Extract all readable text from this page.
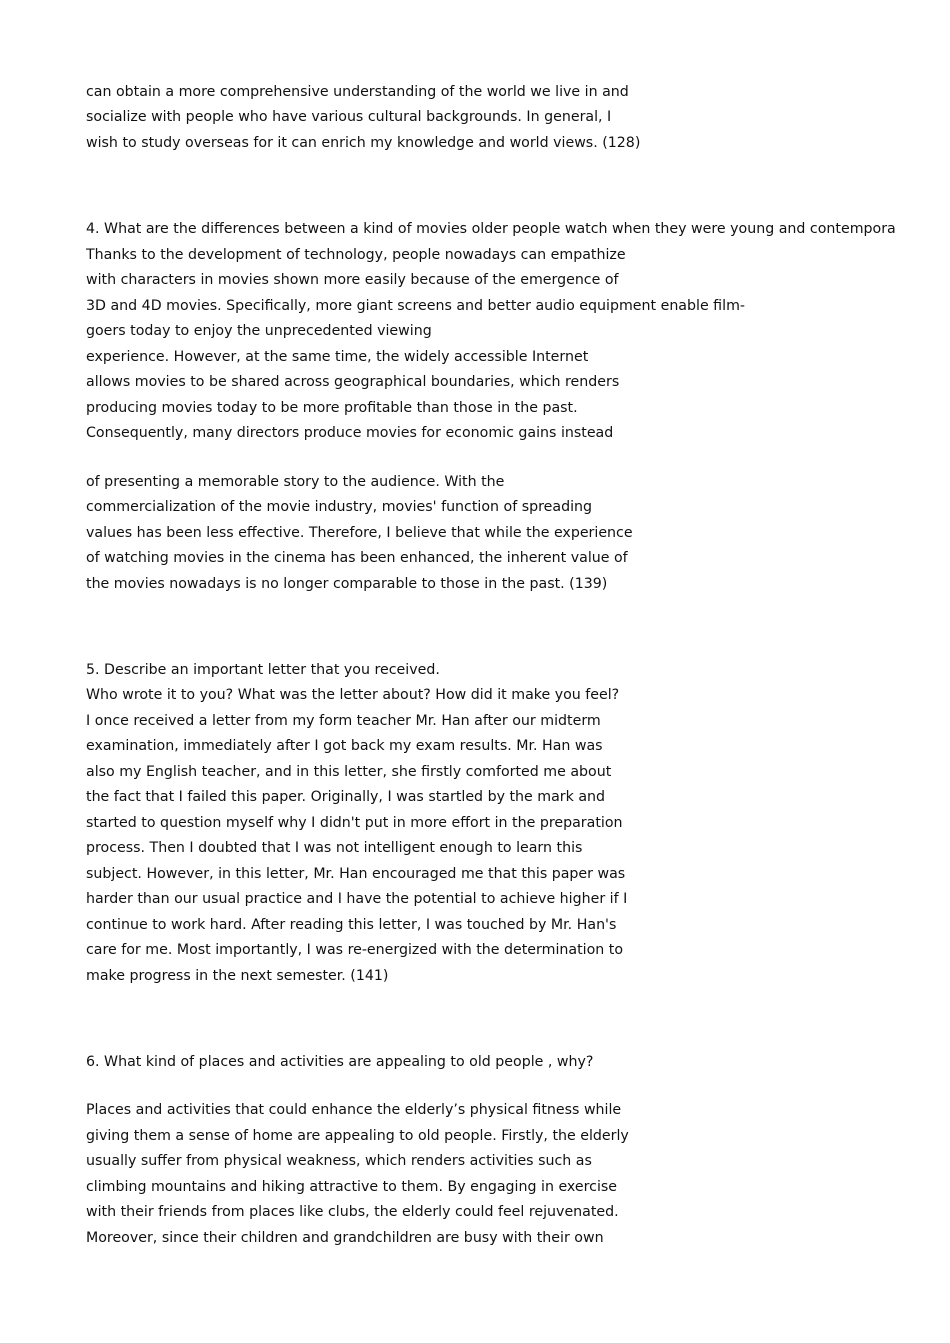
can obtain a more comprehensive understanding of the world we live in and
socialize with people who have various cultural backgrounds. In general, I
wish to study overseas for it can enrich my knowledge and world views. (128)
4. What are the differences between a kind of movies older people watch when they were young and contempora
Thanks to the development of technology, people nowadays can empathize
with characters in movies shown more easily because of the emergence of
3D and 4D movies. Specifically, more giant screens and better audio equipment enable film-
goers today to enjoy the unprecedented viewing
experience. However, at the same time, the widely accessible Internet
allows movies to be shared across geographical boundaries, which renders
producing movies today to be more profitable than those in the past.
Consequently, many directors produce movies for economic gains instead
of presenting a memorable story to the audience. With the
commercialization of the movie industry, movies' function of spreading
values has been less effective. Therefore, I believe that while the experience
of watching movies in the cinema has been enhanced, the inherent value of
the movies nowadays is no longer comparable to those in the past. (139)
5. Describe an important letter that you received.
Who wrote it to you? What was the letter about? How did it make you feel?
I once received a letter from my form teacher Mr. Han after our midterm
examination, immediately after I got back my exam results. Mr. Han was
also my English teacher, and in this letter, she firstly comforted me about
the fact that I failed this paper. Originally, I was startled by the mark and
started to question myself why I didn't put in more effort in the preparation
process. Then I doubted that I was not intelligent enough to learn this
subject. However, in this letter, Mr. Han encouraged me that this paper was
harder than our usual practice and I have the potential to achieve higher if I
continue to work hard. After reading this letter, I was touched by Mr. Han's
care for me. Most importantly, I was re-energized with the determination to
make progress in the next semester. (141)
6. What kind of places and activities are appealing to old people , why?
Places and activities that could enhance the elderly’s physical fitness while
giving them a sense of home are appealing to old people. Firstly, the elderly
usually suffer from physical weakness, which renders activities such as
climbing mountains and hiking attractive to them. By engaging in exercise
with their friends from places like clubs, the elderly could feel rejuvenated.
Moreover, since their children and grandchildren are busy with their own
